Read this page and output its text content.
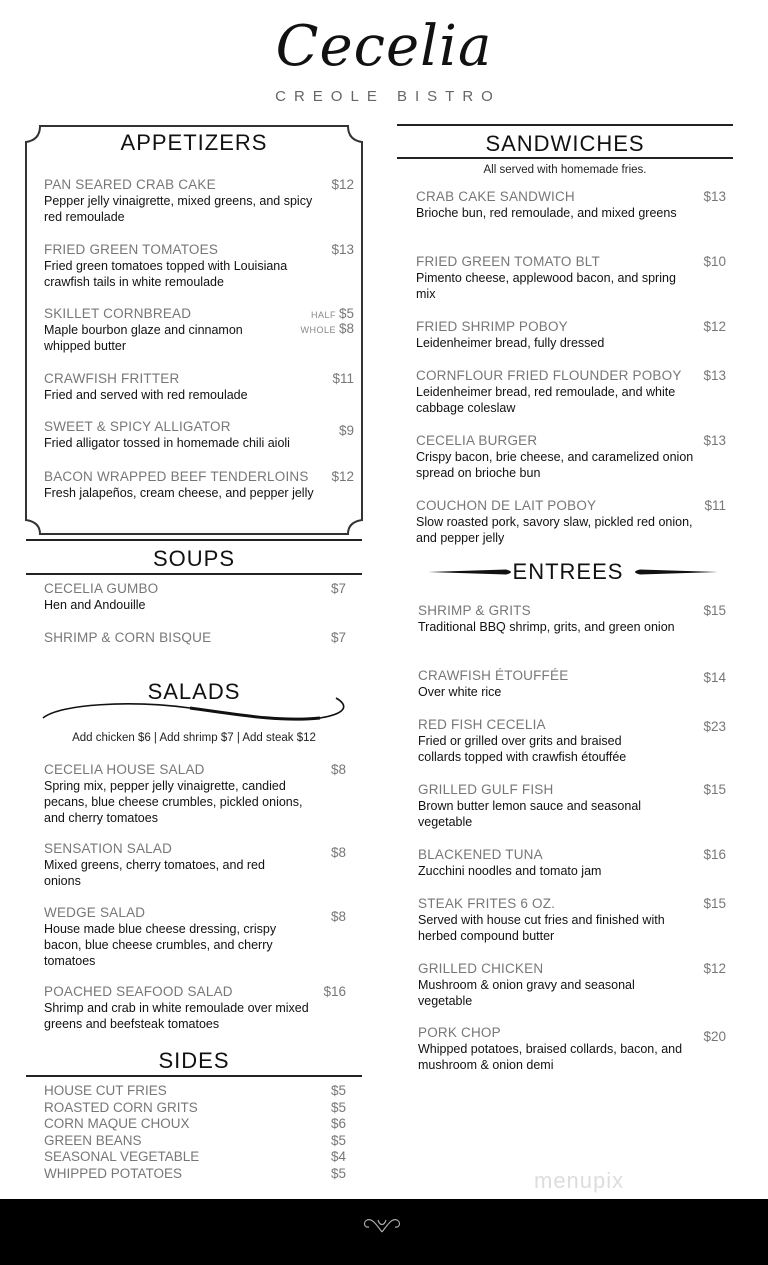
Cecelia
CREOLE BISTRO
APPETIZERS
PAN SEARED CRAB CAKE
Pepper jelly vinaigrette, mixed greens, and spicy red remoulade
$12
FRIED GREEN TOMATOES
Fried green tomatoes topped with Louisiana crawfish tails in white remoulade
$13
SKILLET CORNBREAD
Maple bourbon glaze and cinnamon whipped butter
HALF $5
WHOLE $8
CRAWFISH FRITTER
Fried and served with red remoulade
$11
SWEET & SPICY ALLIGATOR
Fried alligator tossed in homemade chili aioli
$9
BACON WRAPPED BEEF TENDERLOINS
Fresh jalapeños, cream cheese, and pepper jelly
$12
SOUPS
CECELIA GUMBO
Hen and Andouille
$7
SHRIMP & CORN BISQUE	$7
SALADS
Add chicken $6 | Add shrimp $7 | Add steak $12
CECELIA HOUSE SALAD
Spring mix, pepper jelly vinaigrette, candied pecans, blue cheese crumbles, pickled onions, and cherry tomatoes
$8
SENSATION SALAD
Mixed greens, cherry tomatoes, and red onions
$8
WEDGE SALAD
House made blue cheese dressing, crispy bacon, blue cheese crumbles, and cherry tomatoes
$8
POACHED SEAFOOD SALAD
Shrimp and crab in white remoulade over mixed greens and beefsteak tomatoes
$16
SIDES
HOUSE CUT FRIES	$5
ROASTED CORN GRITS	$5
CORN MAQUE CHOUX	$6
GREEN BEANS	$5
SEASONAL VEGETABLE	$4
WHIPPED POTATOES	$5
SANDWICHES
All served with homemade fries.
CRAB CAKE SANDWICH
Brioche bun, red remoulade, and mixed greens
$13
FRIED GREEN TOMATO BLT
Pimento cheese, applewood bacon, and spring mix
$10
FRIED SHRIMP POBOY
Leidenheimer bread, fully dressed
$12
CORNFLOUR FRIED FLOUNDER POBOY
Leidenheimer bread, red remoulade, and white cabbage coleslaw
$13
CECELIA BURGER
Crispy bacon, brie cheese, and caramelized onion spread on brioche bun
$13
COUCHON DE LAIT POBOY
Slow roasted pork, savory slaw, pickled red onion, and pepper jelly
$11
ENTREES
SHRIMP & GRITS
Traditional BBQ shrimp, grits, and green onion
$15
CRAWFISH ÉTOUFFÉE
Over white rice
$14
RED FISH CECELIA
Fried or grilled over grits and braised collards topped with crawfish étouffée
$23
GRILLED GULF FISH
Brown butter lemon sauce and seasonal vegetable
$15
BLACKENED TUNA
Zucchini noodles and tomato jam
$16
STEAK FRITES 6 OZ.
Served with house cut fries and finished with herbed compound butter
$15
GRILLED CHICKEN
Mushroom & onion gravy and seasonal vegetable
$12
PORK CHOP
Whipped potatoes, braised collards, bacon, and mushroom & onion demi
$20
menupix
